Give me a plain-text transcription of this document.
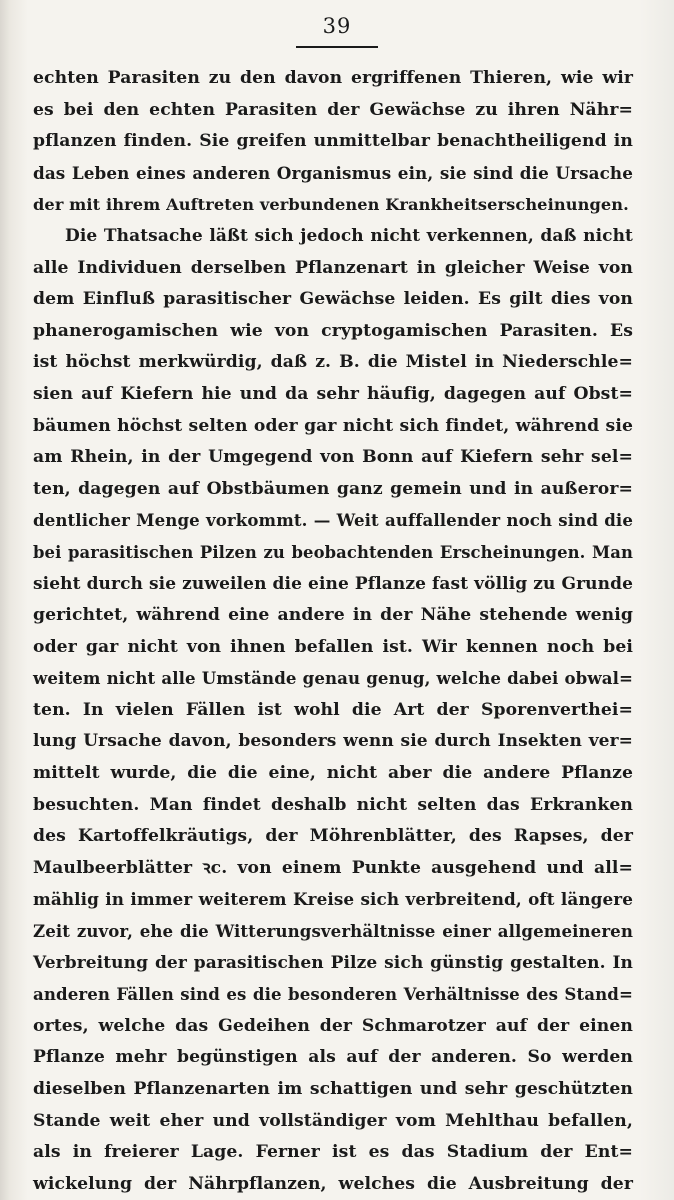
39
echten Parasiten zu den davon ergriffenen Thieren, wie wir
es bei den echten Parasiten der Gewächse zu ihren Nähr=
pflanzen finden. Sie greifen unmittelbar benachtheiligend in
das Leben eines anderen Organismus ein, sie sind die Ursache
der mit ihrem Auftreten verbundenen Krankheitserscheinungen.
Die Thatsache läßt sich jedoch nicht verkennen, daß nicht
alle Individuen derselben Pflanzenart in gleicher Weise von
dem Einfluß parasitischer Gewächse leiden. Es gilt dies von
phanerogamischen wie von cryptogamischen Parasiten. Es
ist höchst merkwürdig, daß z. B. die Mistel in Niederschle=
sien auf Kiefern hie und da sehr häufig, dagegen auf Obst=
bäumen höchst selten oder gar nicht sich findet, während sie
am Rhein, in der Umgegend von Bonn auf Kiefern sehr sel=
ten, dagegen auf Obstbäumen ganz gemein und in außeror=
dentlicher Menge vorkommt. — Weit auffallender noch sind die
bei parasitischen Pilzen zu beobachtenden Erscheinungen. Man
sieht durch sie zuweilen die eine Pflanze fast völlig zu Grunde
gerichtet, während eine andere in der Nähe stehende wenig
oder gar nicht von ihnen befallen ist. Wir kennen noch bei
weitem nicht alle Umstände genau genug, welche dabei obwal=
ten. In vielen Fällen ist wohl die Art der Sporenverthei=
lung Ursache davon, besonders wenn sie durch Insekten ver=
mittelt wurde, die die eine, nicht aber die andere Pflanze
besuchten. Man findet deshalb nicht selten das Erkranken
des Kartoffelkräutigs, der Möhrenblätter, des Rapses, der
Maulbeerblätter ꝛc. von einem Punkte ausgehend und all=
mählig in immer weiterem Kreise sich verbreitend, oft längere
Zeit zuvor, ehe die Witterungsverhältnisse einer allgemeineren
Verbreitung der parasitischen Pilze sich günstig gestalten. In
anderen Fällen sind es die besonderen Verhältnisse des Stand=
ortes, welche das Gedeihen der Schmarotzer auf der einen
Pflanze mehr begünstigen als auf der anderen. So werden
dieselben Pflanzenarten im schattigen und sehr geschützten
Stande weit eher und vollständiger vom Mehlthau befallen,
als in freierer Lage. Ferner ist es das Stadium der Ent=
wickelung der Nährpflanzen, welches die Ausbreitung der
